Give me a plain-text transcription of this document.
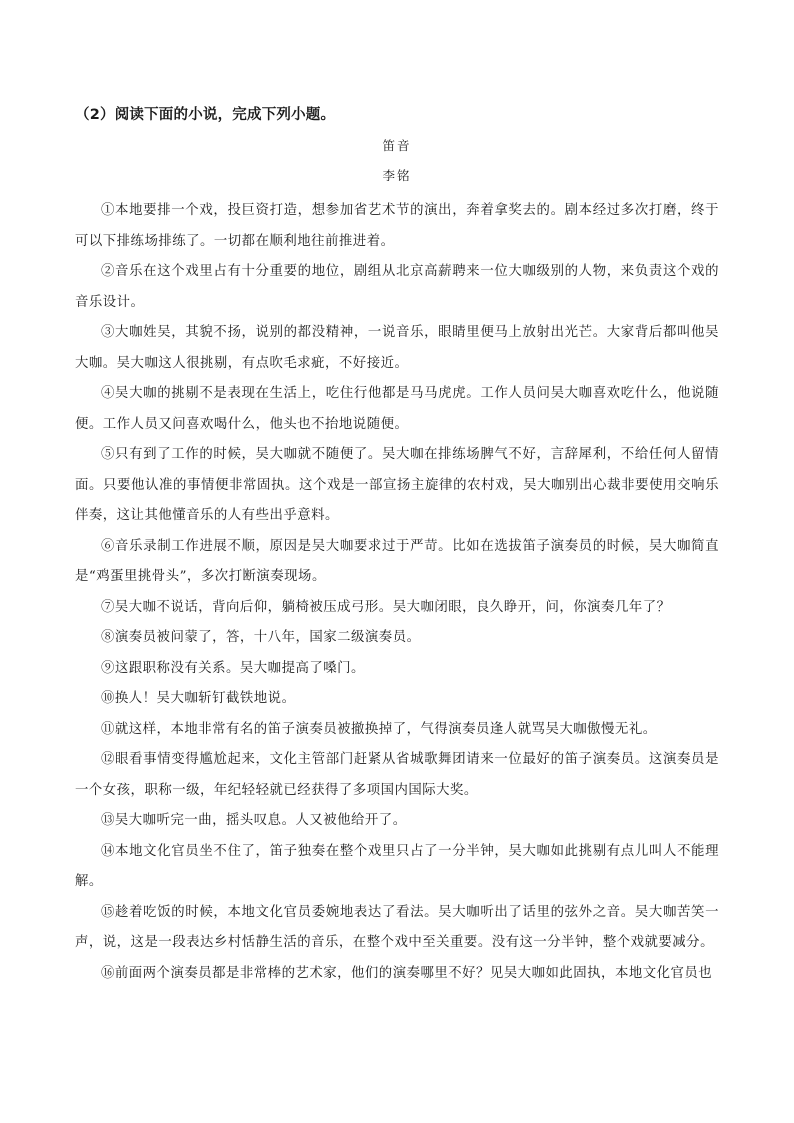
（2）阅读下面的小说，完成下列小题。
笛音
李铭

①本地要排一个戏，投巨资打造，想参加省艺术节的演出，奔着拿奖去的。剧本经过多次打磨，终于可以下排练场排练了。一切都在顺利地往前推进着。

②音乐在这个戏里占有十分重要的地位，剧组从北京高薪聘来一位大咖级别的人物，来负责这个戏的音乐设计。

③大咖姓吴，其貌不扬，说别的都没精神，一说音乐，眼睛里便马上放射出光芒。大家背后都叫他吴大咖。吴大咖这人很挑剔，有点吹毛求疵，不好接近。

④吴大咖的挑剔不是表现在生活上，吃住行他都是马马虎虎。工作人员问吴大咖喜欢吃什么，他说随便。工作人员又问喜欢喝什么，他头也不抬地说随便。

⑤只有到了工作的时候，吴大咖就不随便了。吴大咖在排练场脾气不好，言辞犀利，不给任何人留情面。只要他认准的事情便非常固执。这个戏是一部宣扬主旋律的农村戏，吴大咖别出心裁非要使用交响乐伴奏，这让其他懂音乐的人有些出乎意料。

⑥音乐录制工作进展不顺，原因是吴大咖要求过于严苛。比如在选拔笛子演奏员的时候，吴大咖简直是“鸡蛋里挑骨头”，多次打断演奏现场。

⑦吴大咖不说话，背向后仰，躺椅被压成弓形。吴大咖闭眼，良久睁开，问，你演奏几年了？

⑧演奏员被问蒙了，答，十八年，国家二级演奏员。

⑨这跟职称没有关系。吴大咖提高了嗓门。

⑩换人！吴大咖斩钉截铁地说。

⑪就这样，本地非常有名的笛子演奏员被撤换掉了，气得演奏员逢人就骂吴大咖傲慢无礼。

⑫眼看事情变得尴尬起来，文化主管部门赶紧从省城歌舞团请来一位最好的笛子演奏员。这演奏员是一个女孩，职称一级，年纪轻轻就已经获得了多项国内国际大奖。

⑬吴大咖听完一曲，摇头叹息。人又被他给开了。

⑭本地文化官员坐不住了，笛子独奏在整个戏里只占了一分半钟，吴大咖如此挑剔有点儿叫人不能理解。

⑮趁着吃饭的时候，本地文化官员委婉地表达了看法。吴大咖听出了话里的弦外之音。吴大咖苦笑一声，说，这是一段表达乡村恬静生活的音乐，在整个戏中至关重要。没有这一分半钟，整个戏就要减分。

⑯前面两个演奏员都是非常棒的艺术家，他们的演奏哪里不好？见吴大咖如此固执，本地文化官员也
